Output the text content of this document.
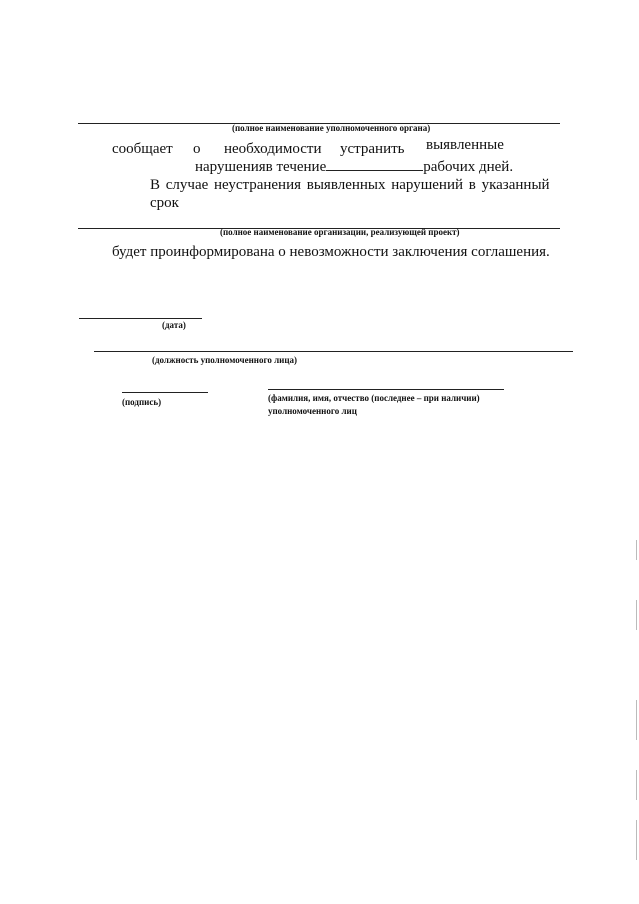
(полное наименование уполномоченного органа)
сообщает о необходимости устранить выявленные
нарушенияв течение	рабочих дней.
В случае неустранения выявленных нарушений в указанный
срок
(полное наименование организации, реализующей проект)
будет проинформирована о невозможности заключения соглашения.
(дата)
(должность уполномоченного лица)
(подпись)	(фамилия, имя, отчество (последнее – при наличии)
уполномоченного лиц
